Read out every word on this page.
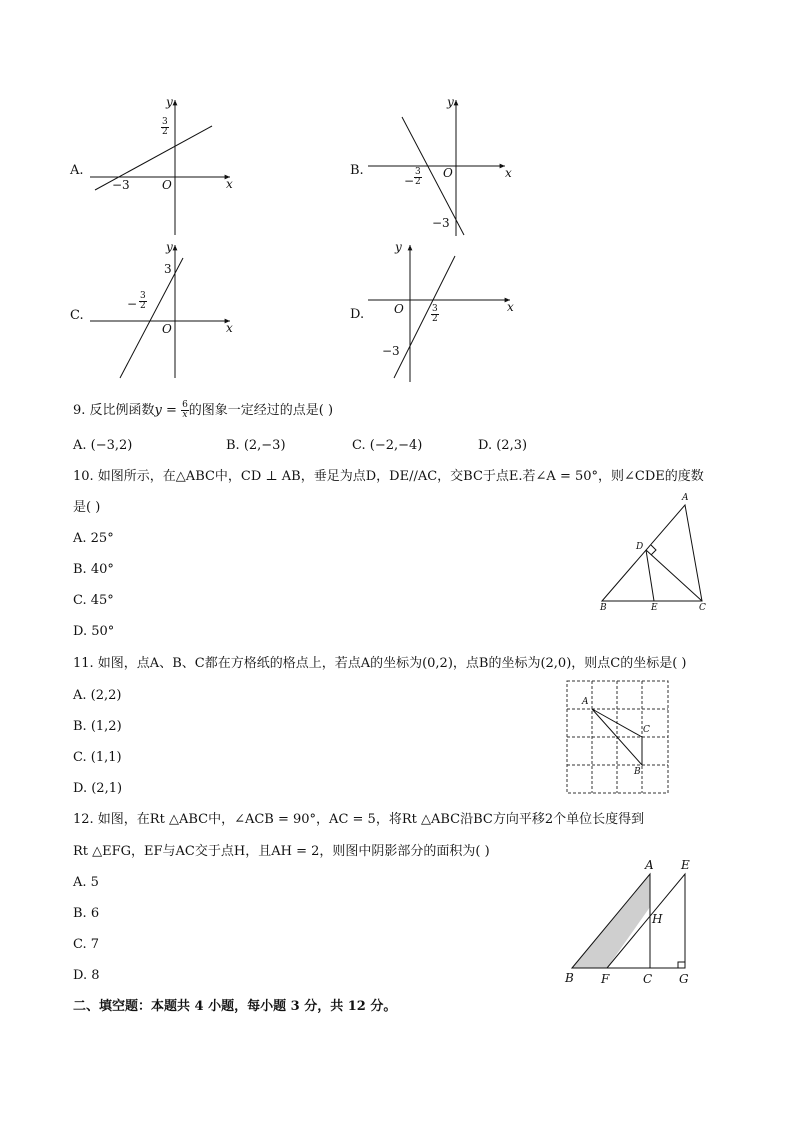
A.
y
x
O
−3
$\frac{3}{2}$
B.
y
x
O
− $\frac{3}{2}$
−3
C.
y
x
O
3
− $\frac{3}{2}$
D.
y
x
O	$\frac{3}{2}$
−3
9. 反比例函数$y = \frac{6}{x}$ 的图象一定经过的点是( )
A. (−3,2)	B. (2,−3)	C. (−2,−4)	D. (2,3)
10. 如图所示，在△ABC中，CD ⊥ AB，垂足为点D，DE//AC，交BC于点E.若∠A = 50°，则∠CDE的度数
是( )
A. 25°
B. 40°
C. 45°
D. 50°
A
D
B	E	C
11. 如图，点A、B、C都在方格纸的格点上，若点A的坐标为(0,2)，点B的坐标为(2,0)，则点C的坐标是( )
A. (2,2)
B. (1,2)
C. (1,1)
D. (2,1)
A
C
B
12. 如图，在Rt △ABC中，∠ACB = 90°，AC = 5，将Rt △ABC沿BC方向平移2个单位长度得到
Rt △EFG，EF与AC交于点H，且AH = 2，则图中阴影部分的面积为( )
A. 5
B. 6
C. 7
D. 8
A E
H
B F	C G
二、填空题：本题共 4 小题，每小题 3 分，共 12 分。
